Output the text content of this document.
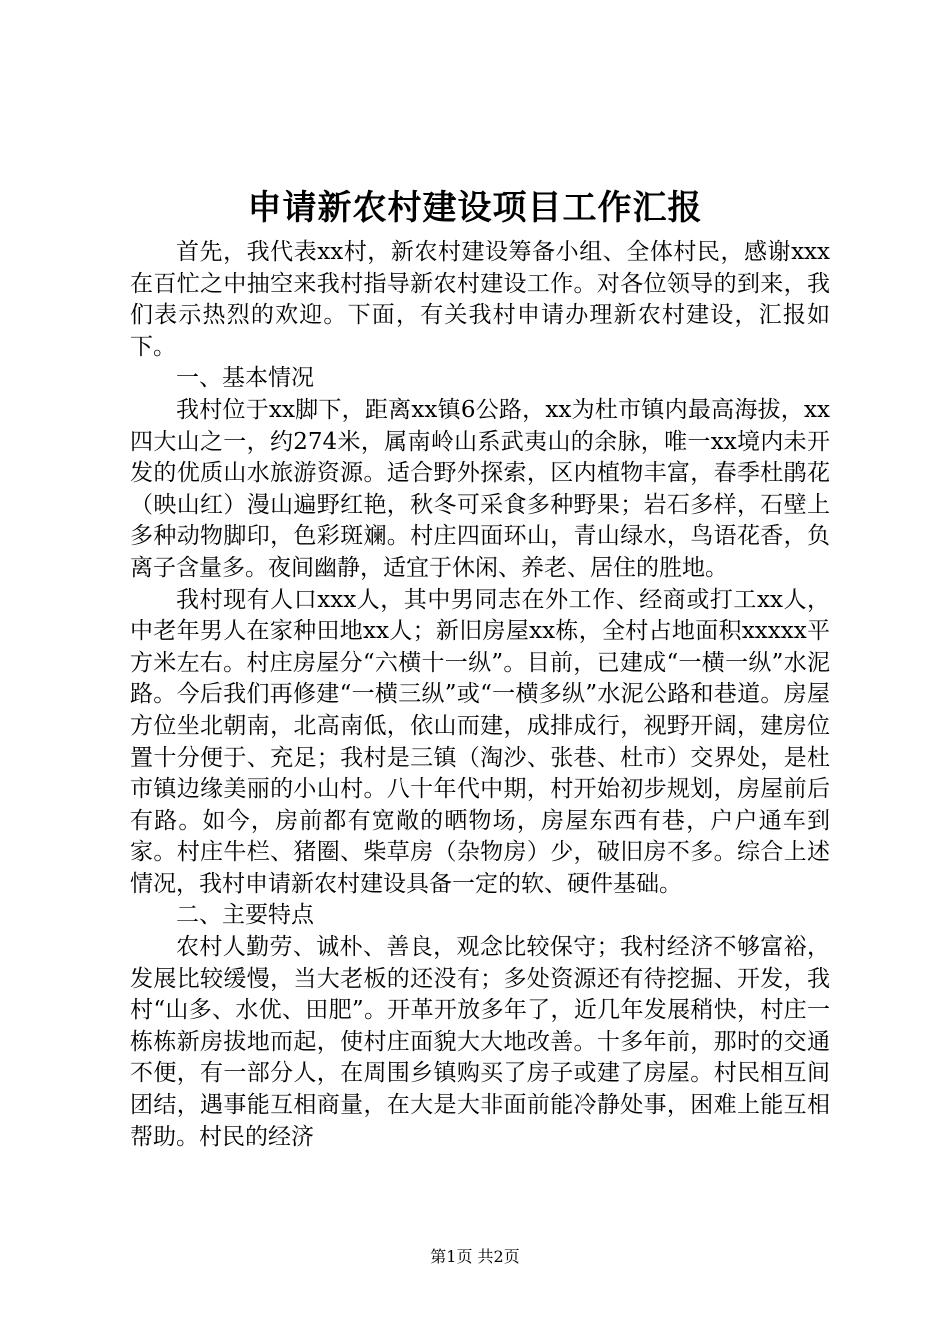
申请新农村建设项目工作汇报

首先，我代表xx村，新农村建设筹备小组、全体村民，感谢xxx在百忙之中抽空来我村指导新农村建设工作。对各位领导的到来，我们表示热烈的欢迎。下面，有关我村申请办理新农村建设，汇报如下。

一、基本情况

我村位于xx脚下，距离xx镇6公路，xx为杜市镇内最高海拔，xx四大山之一，约274米，属南岭山系武夷山的余脉，唯一xx境内未开发的优质山水旅游资源。适合野外探索，区内植物丰富，春季杜鹃花（映山红）漫山遍野红艳，秋冬可采食多种野果；岩石多样，石壁上多种动物脚印，色彩斑斓。村庄四面环山，青山绿水，鸟语花香，负离子含量多。夜间幽静，适宜于休闲、养老、居住的胜地。

我村现有人口xxx人，其中男同志在外工作、经商或打工xx人，中老年男人在家种田地xx人；新旧房屋xx栋，全村占地面积xxxxx平方米左右。村庄房屋分“六横十一纵”。目前，已建成“一横一纵”水泥路。今后我们再修建“一横三纵”或“一横多纵”水泥公路和巷道。房屋方位坐北朝南，北高南低，依山而建，成排成行，视野开阔，建房位置十分便于、充足；我村是三镇（淘沙、张巷、杜市）交界处，是杜市镇边缘美丽的小山村。八十年代中期，村开始初步规划，房屋前后有路。如今，房前都有宽敞的晒物场，房屋东西有巷，户户通车到家。村庄牛栏、猪圈、柴草房（杂物房）少，破旧房不多。综合上述情况，我村申请新农村建设具备一定的软、硬件基础。

二、主要特点

农村人勤劳、诚朴、善良，观念比较保守；我村经济不够富裕，发展比较缓慢，当大老板的还没有；多处资源还有待挖掘、开发，我村“山多、水优、田肥”。开革开放多年了，近几年发展稍快，村庄一栋栋新房拔地而起，使村庄面貌大大地改善。十多年前，那时的交通不便，有一部分人，在周围乡镇购买了房子或建了房屋。村民相互间团结，遇事能互相商量，在大是大非面前能冷静处事，困难上能互相帮助。村民的经济

第1页 共2页
